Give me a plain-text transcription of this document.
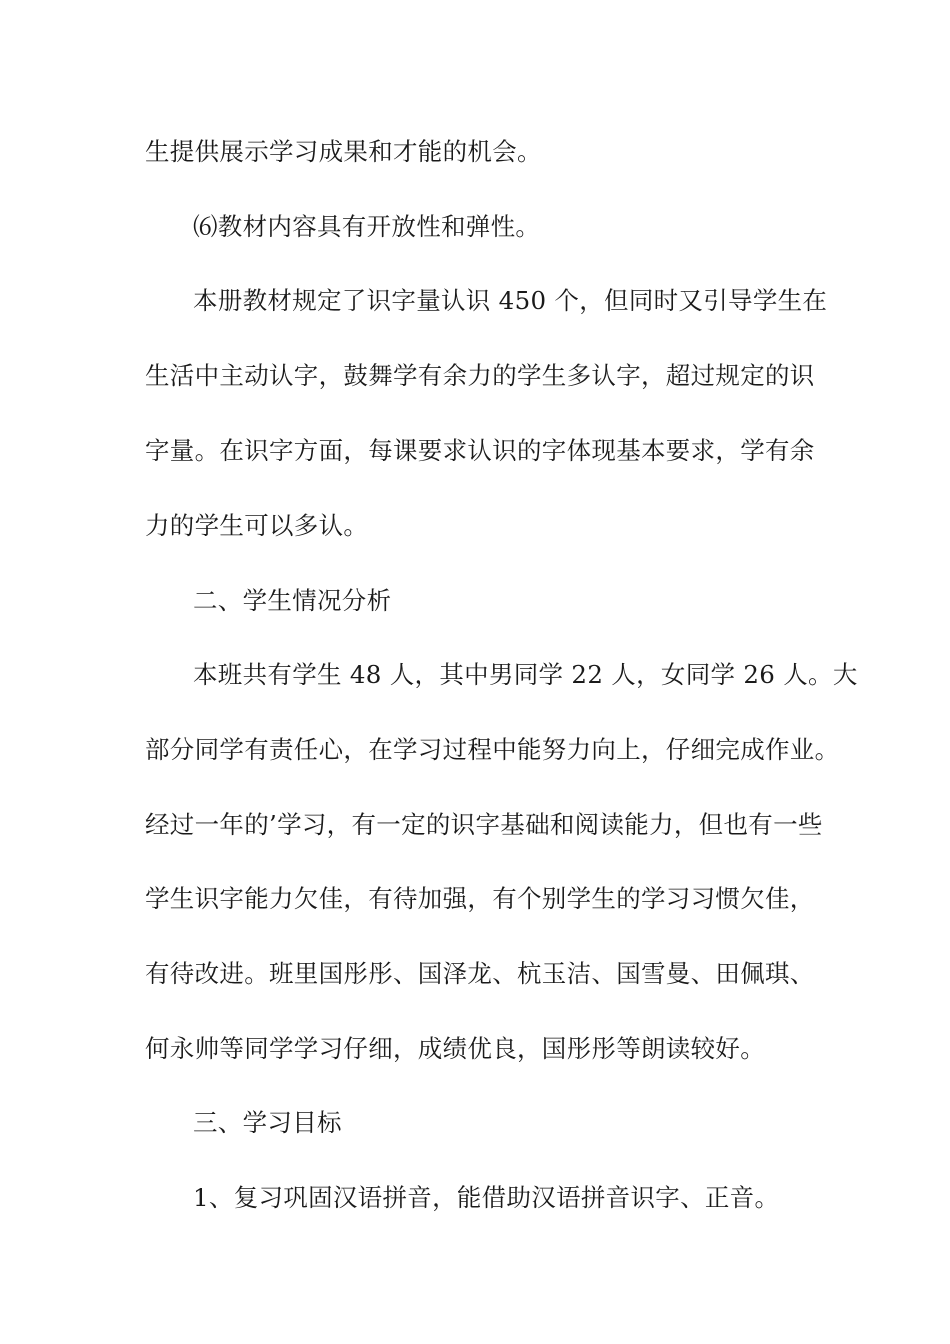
生提供展示学习成果和才能的机会。
⑹教材内容具有开放性和弹性。
本册教材规定了识字量认识 450 个，但同时又引导学生在
生活中主动认字，鼓舞学有余力的学生多认字，超过规定的识
字量。在识字方面，每课要求认识的字体现基本要求，学有余
力的学生可以多认。
二、学生情况分析
本班共有学生 48 人，其中男同学 22 人，女同学 26 人。大
部分同学有责任心，在学习过程中能努力向上，仔细完成作业。
经过一年的’学习，有一定的识字基础和阅读能力，但也有一些
学生识字能力欠佳，有待加强，有个别学生的学习习惯欠佳，
有待改进。班里国彤彤、国泽龙、杭玉洁、国雪曼、田佩琪、
何永帅等同学学习仔细，成绩优良，国彤彤等朗读较好。
三、学习目标
1、复习巩固汉语拼音，能借助汉语拼音识字、正音。
